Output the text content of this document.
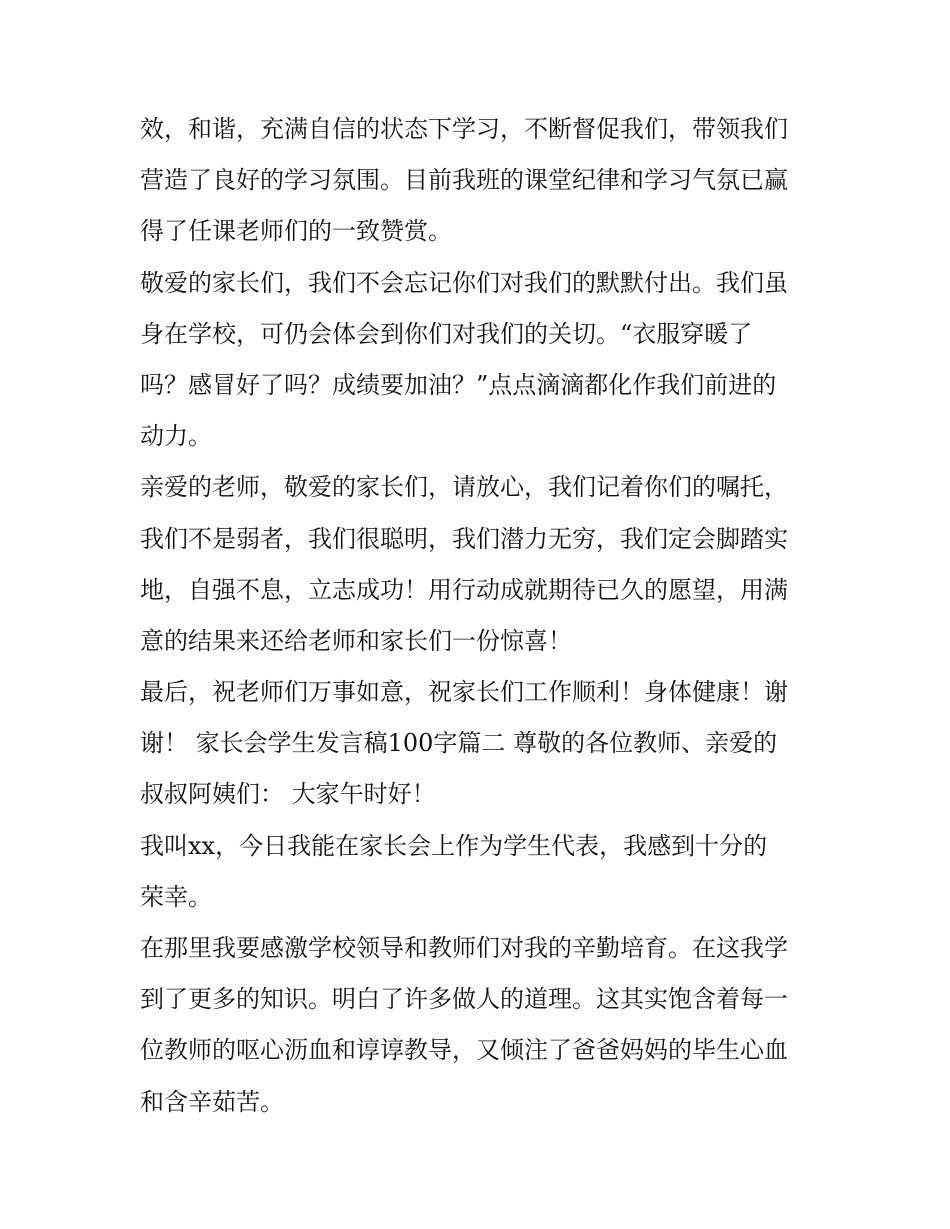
效，和谐，充满自信的状态下学习，不断督促我们，带领我们
营造了良好的学习氛围。目前我班的课堂纪律和学习气氛已赢
得了任课老师们的一致赞赏。
敬爱的家长们，我们不会忘记你们对我们的默默付出。我们虽
身在学校，可仍会体会到你们对我们的关切。“衣服穿暖了
吗？感冒好了吗？成绩要加油？”点点滴滴都化作我们前进的
动力。
亲爱的老师，敬爱的家长们，请放心，我们记着你们的嘱托，
我们不是弱者，我们很聪明，我们潜力无穷，我们定会脚踏实
地，自强不息，立志成功！用行动成就期待已久的愿望，用满
意的结果来还给老师和家长们一份惊喜！
最后，祝老师们万事如意，祝家长们工作顺利！身体健康！谢
谢！ 家长会学生发言稿100字篇二 尊敬的各位教师、亲爱的
叔叔阿姨们： 大家午时好！
我叫xx，今日我能在家长会上作为学生代表，我感到十分的
荣幸。
在那里我要感激学校领导和教师们对我的辛勤培育。在这我学
到了更多的知识。明白了许多做人的道理。这其实饱含着每一
位教师的呕心沥血和谆谆教导，又倾注了爸爸妈妈的毕生心血
和含辛茹苦。
